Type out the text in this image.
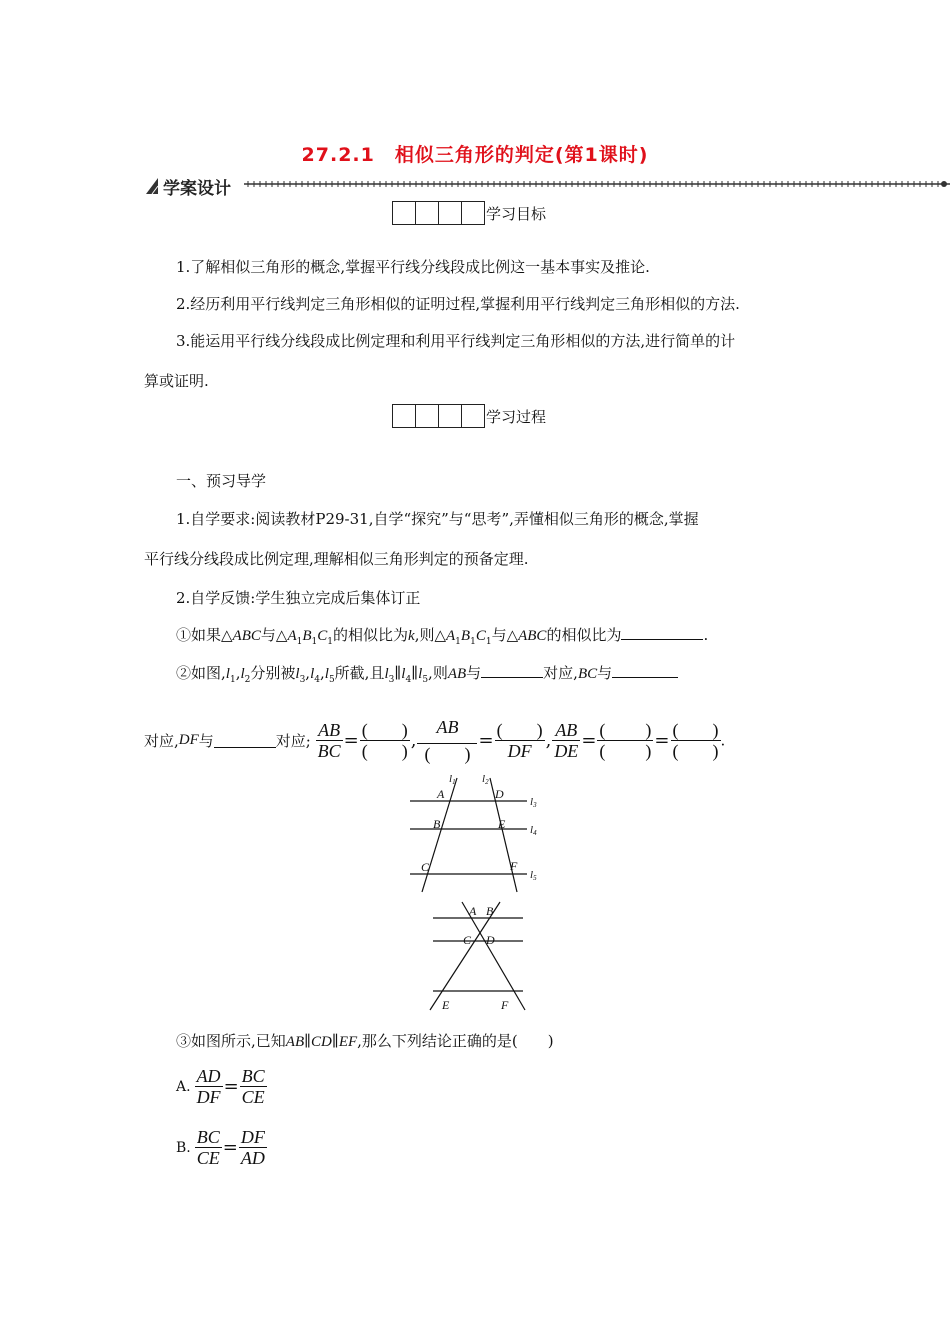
27.2.1　相似三角形的判定(第1课时)
学案设计
学习目标
1.了解相似三角形的概念,掌握平行线分线段成比例这一基本事实及推论.
2.经历利用平行线判定三角形相似的证明过程,掌握利用平行线判定三角形相似的方法.
3.能运用平行线分线段成比例定理和利用平行线判定三角形相似的方法,进行简单的计
算或证明.
学习过程
一、预习导学
1.自学要求:阅读教材P29-31,自学“探究”与“思考”,弄懂相似三角形的概念,掌握
平行线分线段成比例定理,理解相似三角形判定的预备定理.
2.自学反馈:学生独立完成后集体订正
①如果△ABC与$\triangle A_1B_1C_1$的相似比为k,则$\triangle A_1B_1C_1$与△ABC的相似比为	.
②如图$,l_1,l_2$分别被$l_3,l_4,l_5$所截,且$l_3\parallel l_4\parallel l_5$,则AB与	对应,BC与
对应,DF与	对应; $\frac{AB}{BC} = \frac{( )}{( )}$ , $\frac{AB}{( )} = \frac{( )}{DF}$ , $\frac{AB}{DE} = \frac{( )}{( )} = \frac{( )}{( )}$ .
A
B
C
D
E
F
l1 l2
l3
l4
l5
A B
C D
E	F
③如图所示,已知AB∥CD∥EF,那么下列结论正确的是(　　)
A. $\frac{AD}{DF} = \frac{BC}{CE}$
B. $\frac{BC}{CE} = \frac{DF}{AD}$
